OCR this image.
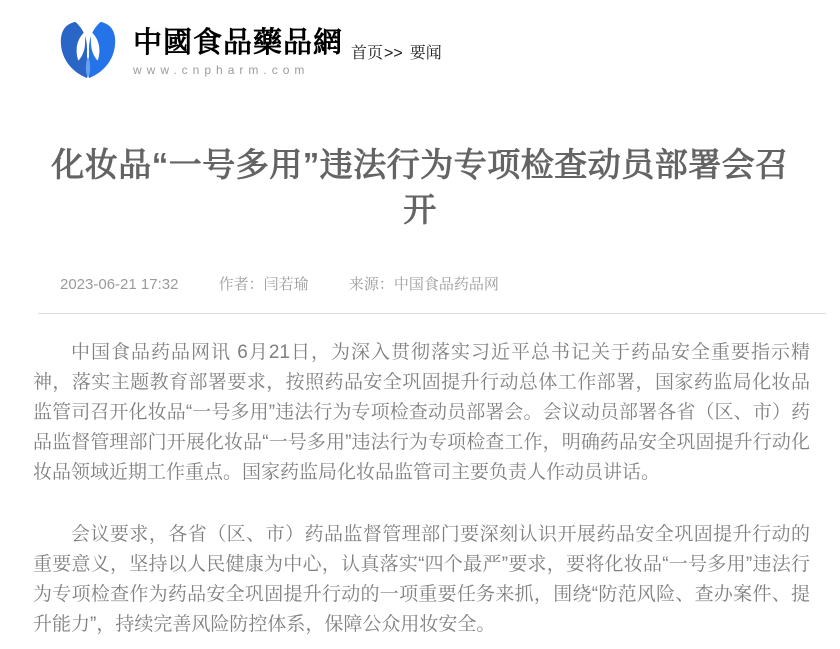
中國食品藥品網
www.cnpharm.com
首页>> 要闻
化妆品“一号多用”违法行为专项检查动员部署会召开
2023-06-21 17:32	作者：闫若瑜	来源：中国食品药品网

中国食品药品网讯 6月21日，为深入贯彻落实习近平总书记关于药品安全重要指示精神，落实主题教育部署要求，按照药品安全巩固提升行动总体工作部署，国家药监局化妆品监管司召开化妆品“一号多用”违法行为专项检查动员部署会。会议动员部署各省（区、市）药品监督管理部门开展化妆品“一号多用”违法行为专项检查工作，明确药品安全巩固提升行动化妆品领域近期工作重点。国家药监局化妆品监管司主要负责人作动员讲话。

会议要求，各省（区、市）药品监督管理部门要深刻认识开展药品安全巩固提升行动的重要意义，坚持以人民健康为中心，认真落实“四个最严”要求，要将化妆品“一号多用”违法行为专项检查作为药品安全巩固提升行动的一项重要任务来抓，围绕“防范风险、查办案件、提升能力”，持续完善风险防控体系，保障公众用妆安全。
